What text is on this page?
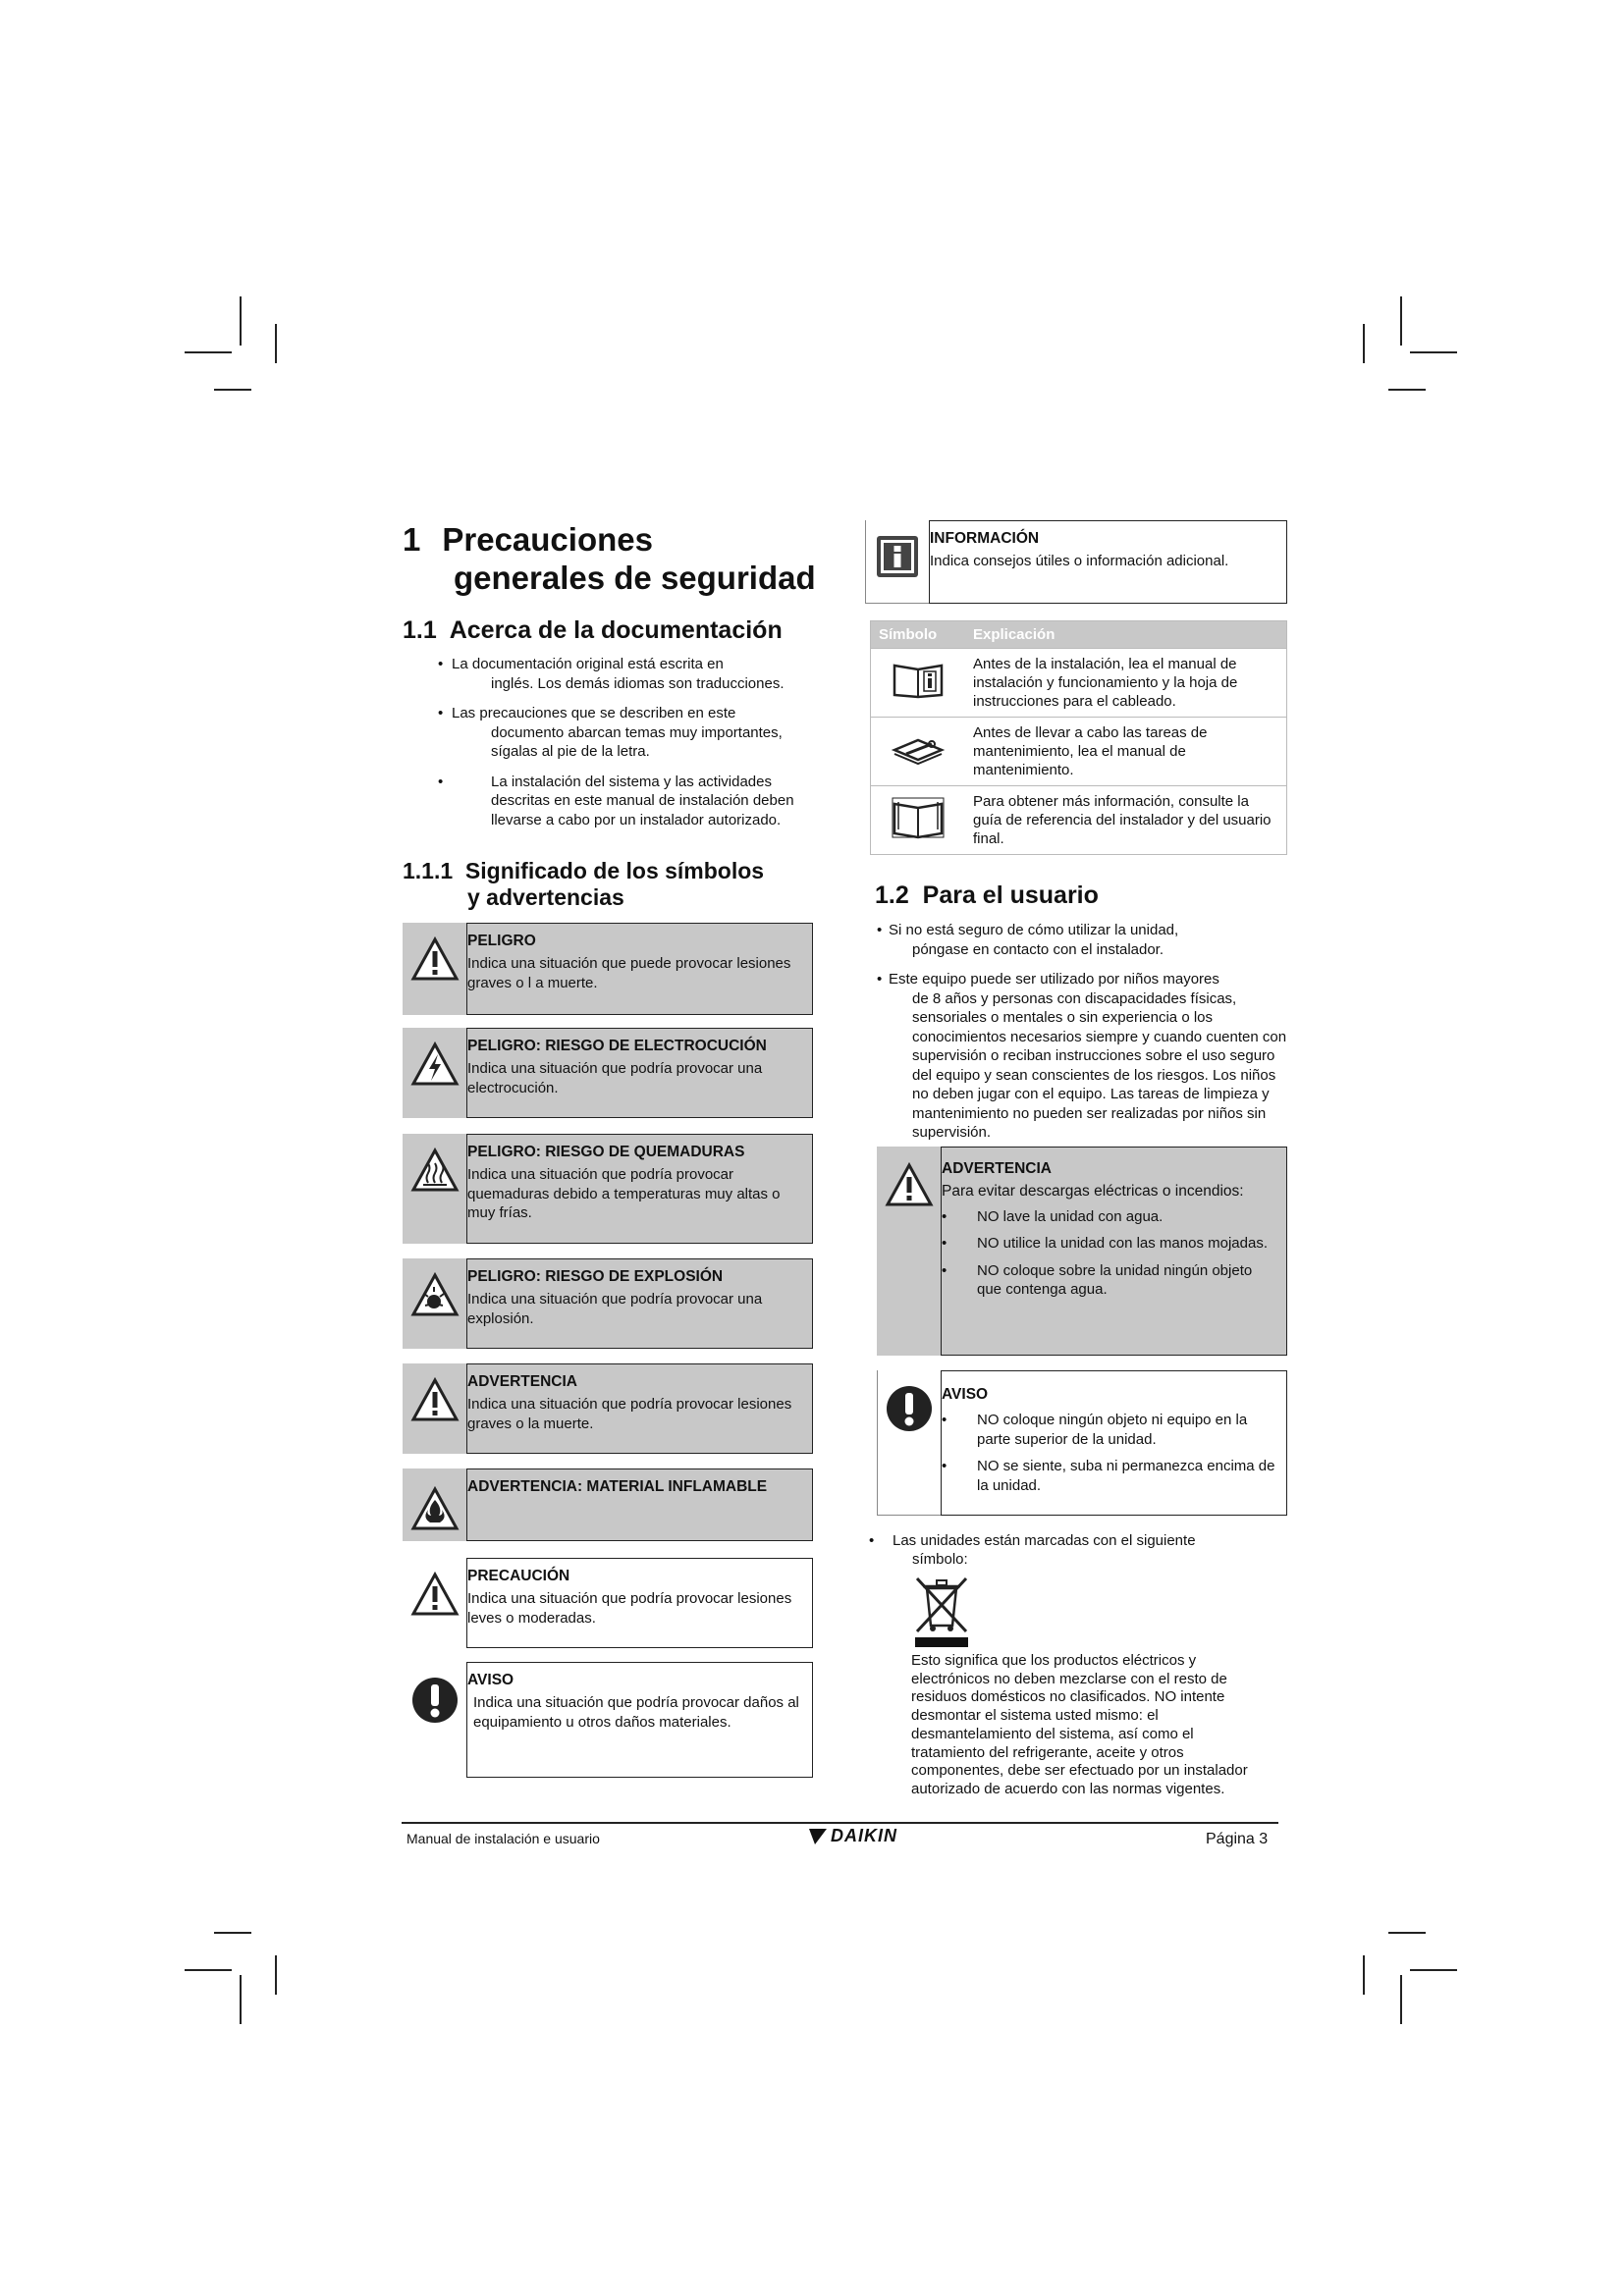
1 Precauciones
generales de seguridad
1.1  Acerca de la documentación
• La documentación original está escrita en
inglés. Los demás idiomas son traducciones.
• Las precauciones que se describen en este
documento abarcan temas muy importantes, sígalas al pie de la letra.
•	La instalación del sistema y las actividades
descritas en este manual de instalación deben llevarse a cabo por un instalador autorizado.
1.1.1  Significado de los símbolos
y advertencias
PELIGRO
Indica una situación que puede provocar lesiones graves o l a muerte.
PELIGRO: RIESGO DE ELECTROCUCIÓN
Indica una situación que podría provocar una electrocución.
PELIGRO: RIESGO DE QUEMADURAS
Indica una situación que podría provocar quemaduras debido a temperaturas muy altas o muy frías.
PELIGRO: RIESGO DE EXPLOSIÓN
Indica una situación que podría provocar una explosión.
ADVERTENCIA
Indica una situación que podría provocar lesiones graves o la muerte.
ADVERTENCIA: MATERIAL INFLAMABLE
PRECAUCIÓN
Indica una situación que podría provocar lesiones leves o moderadas.
AVISO
Indica una situación que podría provocar daños al equipamiento u otros daños materiales.
INFORMACIÓN
Indica consejos útiles o información adicional.
Símbolo	Explicación
	Antes de la instalación, lea el manual de instalación y funcionamiento y la hoja de instrucciones para el cableado.
	Antes de llevar a cabo las tareas de mantenimiento, lea el manual de mantenimiento.
	Para obtener más información, consulte la guía de referencia del instalador y del usuario final.
1.2  Para el usuario
• Si no está seguro de cómo utilizar la unidad,
póngase en contacto con el instalador.
• Este equipo puede ser utilizado por niños mayores
de 8 años y personas con discapacidades físicas, sensoriales o mentales o sin experiencia o los conocimientos necesarios siempre y cuando cuenten con supervisión o reciban instrucciones sobre el uso seguro del equipo y sean conscientes de los riesgos. Los niños no deben jugar con el equipo. Las tareas de limpieza y mantenimiento no pueden ser realizadas por niños sin supervisión.
ADVERTENCIA
Para evitar descargas eléctricas o incendios:
•	NO lave la unidad con agua.
•	NO utilice la unidad con las manos mojadas.
•	NO coloque sobre la unidad ningún objeto que contenga agua.
AVISO
•	NO coloque ningún objeto ni equipo en la parte superior de la unidad.
•	NO se siente, suba ni permanezca encima de la unidad.
•	Las unidades están marcadas con el siguiente
símbolo:
Esto significa que los productos eléctricos y electrónicos no deben mezclarse con el resto de residuos domésticos no clasificados. NO intente desmontar el sistema usted mismo: el desmantelamiento del sistema, así como el tratamiento del refrigerante, aceite y otros componentes, debe ser efectuado por un instalador autorizado de acuerdo con las normas vigentes.
Manual de instalación e usuario	DAIKIN	Página 3
